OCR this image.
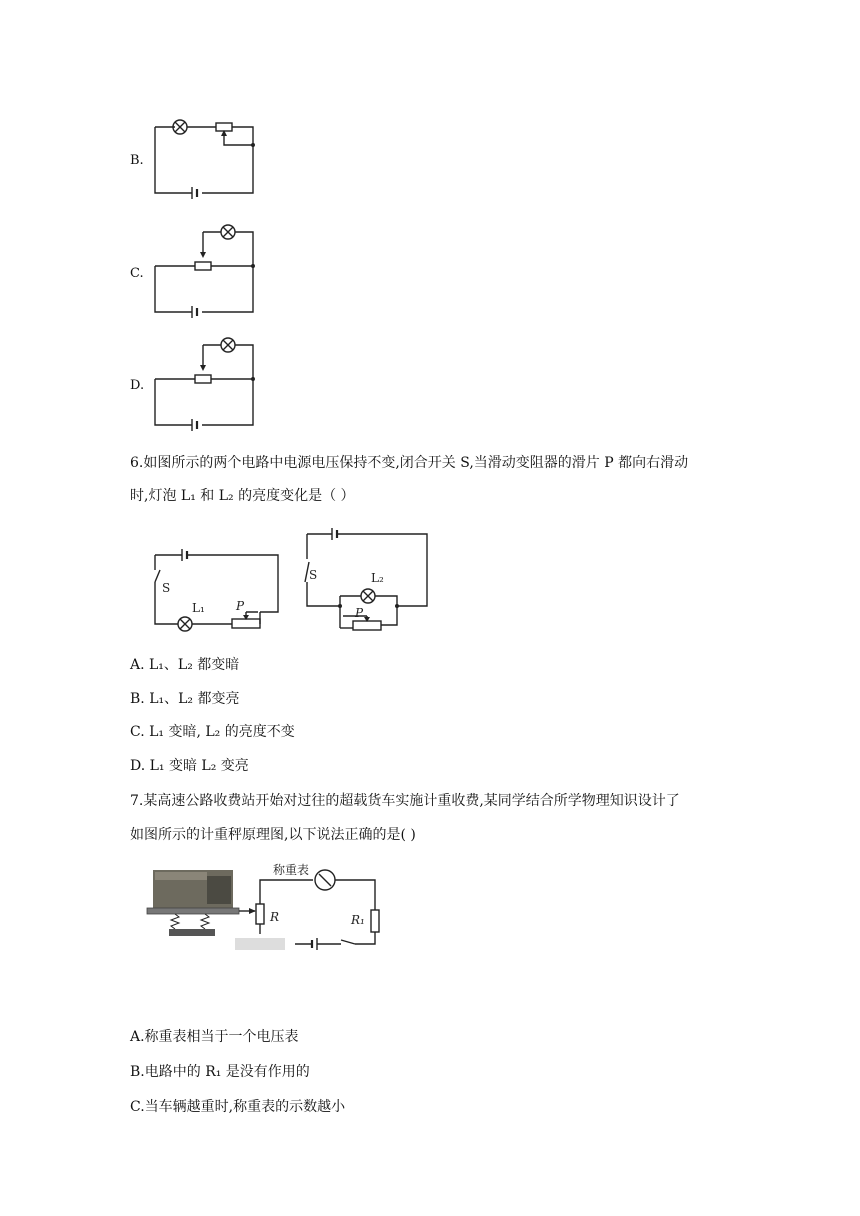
B.
C.
D.
6.如图所示的两个电路中电源电压保持不变,闭合开关 S,当滑动变阻器的滑片 P 都向右滑动
时,灯泡 L₁ 和 L₂ 的亮度变化是（ ）
S
L₁	P
S	L₂
P
A. L₁、L₂ 都变暗
B. L₁、L₂ 都变亮
C. L₁ 变暗, L₂ 的亮度不变
D. L₁ 变暗 L₂ 变亮
7.某高速公路收费站开始对过往的超载货车实施计重收费,某同学结合所学物理知识设计了
如图所示的计重秤原理图,以下说法正确的是( )
R
称重表
R₁
A.称重表相当于一个电压表
B.电路中的 R₁ 是没有作用的
C.当车辆越重时,称重表的示数越小
